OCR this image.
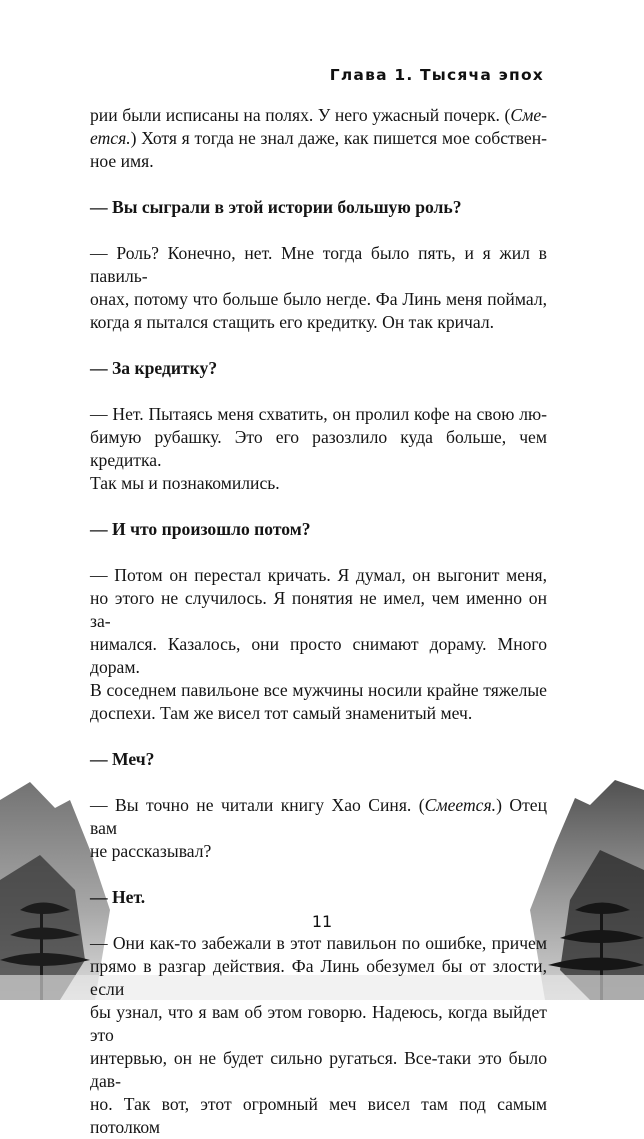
Глава 1. Тысяча эпох

рии были исписаны на полях. У него ужасный почерк. (Сме-
ется.) Хотя я тогда не знал даже, как пишется мое собствен-
ное имя.

— Вы сыграли в этой истории большую роль?

— Роль? Конечно, нет. Мне тогда было пять, и я жил в павиль-
онах, потому что больше было негде. Фа Линь меня поймал,
когда я пытался стащить его кредитку. Он так кричал.

— За кредитку?

— Нет. Пытаясь меня схватить, он пролил кофе на свою лю-
бимую рубашку. Это его разозлило куда больше, чем кредитка.
Так мы и познакомились.

— И что произошло потом?

— Потом он перестал кричать. Я думал, он выгонит меня,
но этого не случилось. Я понятия не имел, чем именно он за-
нимался. Казалось, они просто снимают дораму. Много дорам.
В соседнем павильоне все мужчины носили крайне тяжелые
доспехи. Там же висел тот самый знаменитый меч.

— Меч?

— Вы точно не читали книгу Хао Синя. (Смеется.) Отец вам
не рассказывал?

— Нет.

— Они как-то забежали в этот павильон по ошибке, причем
прямо в разгар действия. Фа Линь обезумел бы от злости, если
бы узнал, что я вам об этом говорю. Надеюсь, когда выйдет это
интервью, он не будет сильно ругаться. Все-таки это было дав-
но. Так вот, этот огромный меч висел там под самым потолком

11
